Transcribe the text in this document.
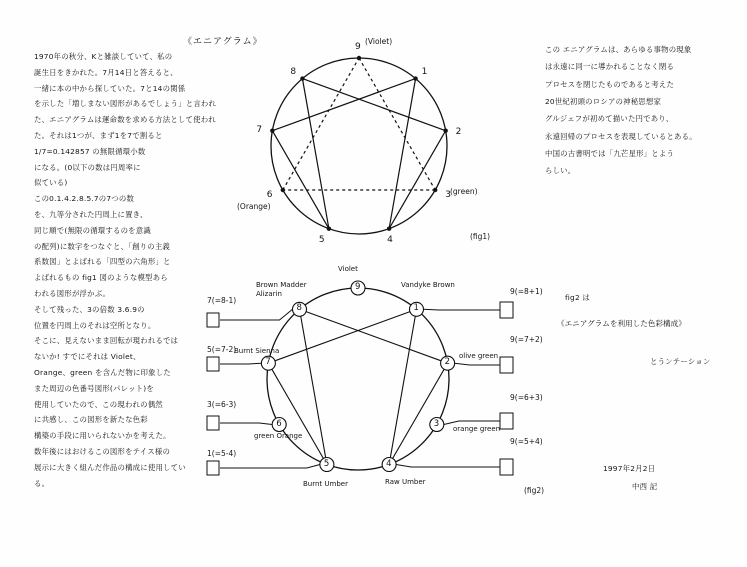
《エニアグラム》
1970年の秋分、Kと雑談していて、私の
誕生日をきかれた。7月14日と答えると、
一緒に本の中から探していた。7と14の関係
を示した「増しまない図形があるでしょう」と言われ
た、エニアグラムは運命数を求める方法として使われ
た。それは1つが、まず1を7で割ると
1/7=0.142857 の無限循環小数
になる。(0以下の数は円周率に
似ている)
この0.1.4.2.8.5.7の7つの数
を、九等分された円周上に置き、
同じ順で(無限の循環するのを意識
の配列)に数字をつなぐと、「創りの主義
系数図」とよばれる「四型の六角形」と
よばれるもの fig1 図のような模型あら
われる図形が浮かぶ。
そして残った、3の倍数 3.6.9の
位置を円周上のそれは空所となり。
そこに、見えないまま回転が現われるでは
ないか! すでにそれは Violet、
Orange、green を含んだ物に印象した
また周辺の色番号図形(パレット)を
使用していたので、この現われの偶然
に共感し、この図形を新たな色彩
構築の手段に用いられないかを考えた。
数年後にはおけるこの図形をテイス様の
展示に大きく組んだ作品の構成に使用してい
る。
この エニアグラムは、あらゆる事物の現象
は永遠に同一に導かれることなく閉る
プロセスを閉じたものであると考えた
20世紀初頭のロシアの神秘思想家
グルジェフが初めて描いた円であり、
永遠回帰のプロセスを表現しているとある。
中国の古書明では「九芒星形」とよう
らしい。
fig2 は
《エニアグラムを利用した色彩構成》
とうンテーション
1997年2月2日
中西 記
(fig1)
(Violet)
(Orange)
(green)
9
1
2
3
4
5
6
7
8
(fig2)
9
1
2
3
4
5
6
7
8
Vandyke Brown
olive green
orange green
Raw Umber
Burnt Umber
green Orange
Burnt Sienna
Brown Madder Alizarin
Violet
7(=8-1)
5(=7-2)
3(=6-3)
1(=5-4)
9(=8+1)
9(=7+2)
9(=6+3)
9(=5+4)
